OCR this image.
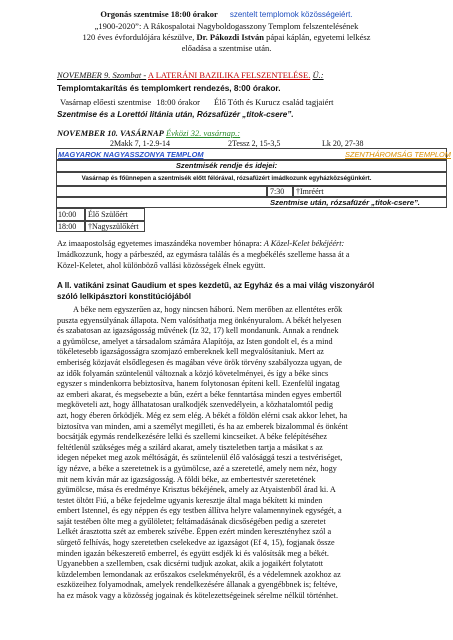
Orgonás szentmise 18:00 órakor szentelt templomok közösségeiért.
„1900-2020”: A Rákospalotai Nagyboldogasszony Templom felszentelésének
120 éves évfordulójára készülve, Dr. Pákozdi István pápai káplán, egyetemi lelkész
előadása a szentmise után.
NOVEMBER 9. Szombat - A LATERÁNI BAZILIKA FELSZENTELÉSE. Ü.:
Templomtakarítás és templomkert rendezés, 8:00 órakor.
Vasárnap előesti szentmise 18:00 órakor Élő Tóth és Kurucz család tagjaiért
Szentmise és a Lorettói litánia után, Rózsafüzér „titok-csere”.
NOVEMBER 10. VASÁRNAP Évközi 32. vasárnap.:
2Makk 7, 1-2.9-14	2Tessz 2, 15-3,5	Lk 20, 27-38
MAGYAROK NAGYASSZONYA TEMPLOM	SZENTHÁROMSÁG TEMPLOM
Szentmisék rendje és idejei:
Vasárnap és főünnepen a szentmisék előtt félórával, rózsafüzért imádkozunk egyházközségünkért.
7:30 †Imréért
Szentmise után, rózsafüzér „titok-csere”.
10:00 Élő Szülőért
18:00 †Nagyszülőkért
Az imaapostolság egyetemes imaszándéka november hónapra: A Közel-Kelet békéjéért:
Imádkozzunk, hogy a párbeszéd, az egymásra találás és a megbékélés szelleme hassa át a
Közel-Keletet, ahol különböző vallási közösségek élnek együtt.
A II. vatikáni zsinat Gaudium et spes kezdetű, az Egyház és a mai világ viszonyáról
szóló lelkipásztori konstitúciójából
A béke nem egyszerűen az, hogy nincsen háború. Nem merőben az ellentétes erők
puszta egyensúlyának állapota. Nem valósíthatja meg önkényuralom. A békét helyesen
és szabatosan az igazságosság művének (Iz 32, 17) kell mondanunk. Annak a rendnek
a gyümölcse, amelyet a társadalom számára Alapítója, az Isten gondolt el, és a mind
tökéletesebb igazságosságra szomjazó embereknek kell megvalósítaniuk. Mert az
emberiség közjavát elsődlegesen és magában véve örök törvény szabályozza ugyan, de
az idők folyamán szüntelenül változnak a közjó követelményei, és így a béke sincs
egyszer s mindenkorra bebiztosítva, hanem folytonosan építeni kell. Ezenfelül ingatag
az emberi akarat, és megsebezte a bűn, ezért a béke fenntartása minden egyes embertől
megköveteli azt, hogy állhatatosan uralkodjék szenvedélyein, a közhatalomtól pedig
azt, hogy éberen őrködjék. Még ez sem elég. A békét a földön elérni csak akkor lehet, ha
biztosítva van minden, ami a személyt megilleti, és ha az emberek bizalommal és önként
bocsátják egymás rendelkezésére lelki és szellemi kincseiket. A béke felépítéséhez
feltétlenül szükséges még a szilárd akarat, amely tiszteletben tartja a másikat s az
idegen népeket meg azok méltóságát, és szüntelenül élő valósággá teszi a testvériséget,
így nézve, a béke a szeretetnek is a gyümölcse, azé a szeretetlé, amely nem néz, hogy
mit nem kíván már az igazságosság. A földi béke, az embertestvér szeretetének
gyümölcse, mása és eredménye Krisztus békéjének, amely az Atyaistenből árad ki. A
testet öltött Fiú, a béke fejedelme ugyanis keresztje által maga békített ki minden
embert Istennel, és egy néppen és egy testben állítva helyre valamennyinek egységét, a
saját testében ölte meg a gyűlöletet; feltámadásának dicsőségében pedig a szeretet
Lelkét árasztotta szét az emberek szívébe. Éppen ezért minden keresztényhez szól a
sürgető felhívás, hogy szeretetben cselekedve az igazságot (Ef 4, 15), fogjanak össze
minden igazán békeszerető emberrel, és együtt esdjék ki és valósítsák meg a békét.
Ugyanebben a szellemben, csak dicsérni tudjuk azokat, akik a jogaikért folytatott
küzdelemben lemondanak az erőszakos cselekményekről, és a védelemnek azokhoz az
eszközeihez folyamodnak, amelyek rendelkezésére állanak a gyengébbnek is; feltéve,
ha ez mások vagy a közösség jogainak és kötelezettségeinek sérelme nélkül történhet.
